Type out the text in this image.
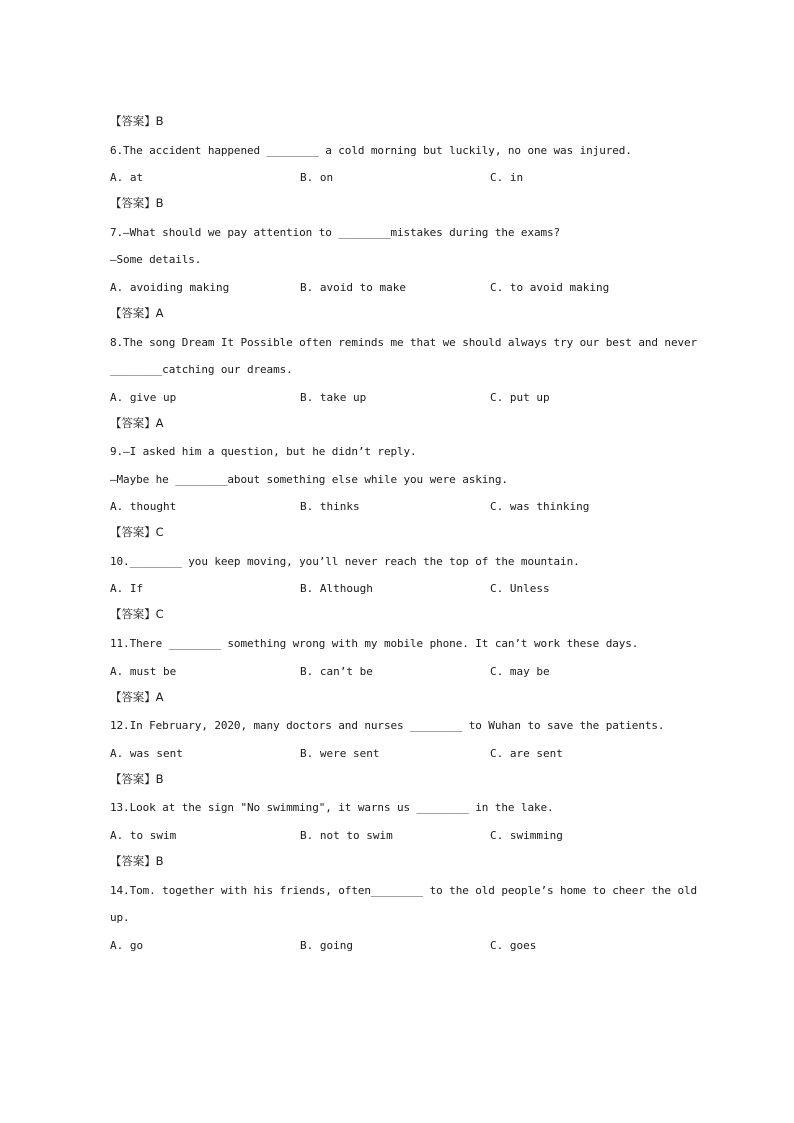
【答案】B
6.The accident happened ________ a cold morning but luckily, no one was injured.
A. at	B. on	C. in
【答案】B
7.—What should we pay attention to ________mistakes during the exams?
—Some details.
A. avoiding making	B. avoid to make	C. to avoid making
【答案】A
8.The song Dream It Possible often reminds me that we should always try our best and never
________catching our dreams.
A. give up	B. take up	C. put up
【答案】A
9.—I asked him a question, but he didn’t reply.
—Maybe he ________about something else while you were asking.
A. thought	B. thinks	C. was thinking
【答案】C
10.________ you keep moving, you’ll never reach the top of the mountain.
A. If	B. Although	C. Unless
【答案】C
11.There ________ something wrong with my mobile phone. It can’t work these days.
A. must be	B. can’t be	C. may be
【答案】A
12.In February, 2020, many doctors and nurses ________ to Wuhan to save the patients.
A. was sent	B. were sent	C. are sent
【答案】B
13.Look at the sign "No swimming", it warns us ________ in the lake.
A. to swim	B. not to swim	C. swimming
【答案】B
14.Tom. together with his friends, often________ to the old people’s home to cheer the old
up.
A. go	B. going	C. goes
